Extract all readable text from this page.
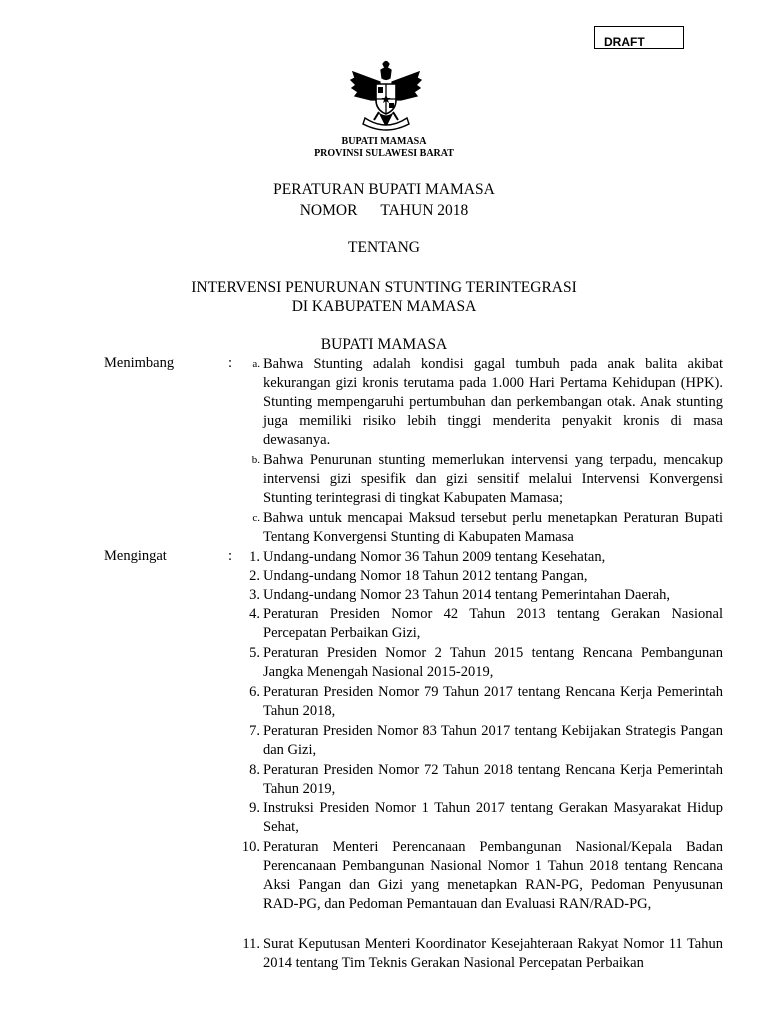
DRAFT
BUPATI MAMASA
PROVINSI SULAWESI BARAT
PERATURAN BUPATI MAMASA
NOMOR      TAHUN 2018
TENTANG
INTERVENSI PENURUNAN STUNTING TERINTEGRASI
DI KABUPATEN MAMASA
BUPATI MAMASA
Menimbang	:	a. Bahwa Stunting adalah kondisi gagal tumbuh pada anak balita akibat kekurangan gizi kronis terutama pada 1.000 Hari Pertama Kehidupan (HPK). Stunting mempengaruhi pertumbuhan dan perkembangan otak. Anak stunting juga memiliki risiko lebih tinggi menderita penyakit kronis di masa dewasanya.
b. Bahwa Penurunan stunting memerlukan intervensi yang terpadu, mencakup intervensi gizi spesifik dan gizi sensitif melalui Intervensi Konvergensi Stunting terintegrasi di tingkat Kabupaten Mamasa;
c. Bahwa untuk mencapai Maksud tersebut perlu menetapkan Peraturan Bupati Tentang Konvergensi Stunting di Kabupaten Mamasa
Mengingat	:	1. Undang-undang Nomor 36 Tahun 2009 tentang Kesehatan,
2. Undang-undang Nomor 18 Tahun 2012 tentang Pangan,
3. Undang-undang Nomor 23 Tahun 2014 tentang Pemerintahan Daerah,
4. Peraturan Presiden Nomor 42 Tahun 2013 tentang Gerakan Nasional Percepatan Perbaikan Gizi,
5. Peraturan Presiden Nomor 2 Tahun 2015 tentang Rencana Pembangunan Jangka Menengah Nasional 2015-2019,
6. Peraturan Presiden Nomor 79 Tahun 2017 tentang Rencana Kerja Pemerintah Tahun 2018,
7. Peraturan Presiden Nomor 83 Tahun 2017 tentang Kebijakan Strategis Pangan dan Gizi,
8. Peraturan Presiden Nomor 72 Tahun 2018 tentang Rencana Kerja Pemerintah Tahun 2019,
9. Instruksi Presiden Nomor 1 Tahun 2017 tentang Gerakan Masyarakat Hidup Sehat,
10. Peraturan Menteri Perencanaan Pembangunan Nasional/Kepala Badan Perencanaan Pembangunan Nasional Nomor 1 Tahun 2018 tentang Rencana Aksi Pangan dan Gizi yang menetapkan RAN-PG, Pedoman Penyusunan RAD-PG, dan Pedoman Pemantauan dan Evaluasi RAN/RAD-PG,
11. Surat Keputusan Menteri Koordinator Kesejahteraan Rakyat Nomor 11 Tahun 2014 tentang Tim Teknis Gerakan Nasional Percepatan Perbaikan
